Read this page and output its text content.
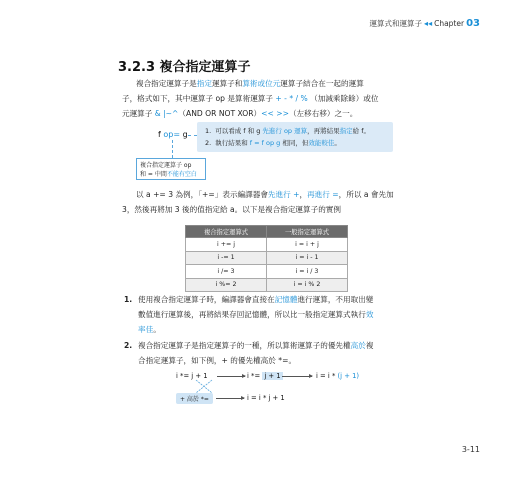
運算式和運算子 ◂◂ Chapter 03
3.2.3 複合指定運算子
複合指定運算子是指定運算子和算術或位元運算子結合在一起的運算
子，格式如下，其中運算子 op 是算術運算子 + - * / % （加減乘除餘）或位
元運算子 & |~^（AND OR NOT XOR）<< >>（左移右移）之一。
f op= g	1. 可以看成 f 和 g 先進行 op 運算，再將結果指定給 f。
2. 執行結果和 f = f op g 相同，但效能較佳。
複合指定運算子 op
和 = 中間不能有空白
以 a += 3 為例，「+=」表示編譯器會先進行 +，再進行 =，所以 a 會先加
3，然後再將加 3 後的值指定給 a。以下是複合指定運算子的實例
複合指定運算式	一般指定運算式
i += j	i = i + j
i -= 1	i = i - 1
i /= 3	i = i / 3
i %= 2	i = i % 2
1. 使用複合指定運算子時，編譯器會直接在記憶體進行運算，不用取出變
數值進行運算後，再將結果存回記憶體，所以比一般指定運算式執行效
率佳。
2. 複合指定運算子是指定運算子的一種，所以算術運算子的優先權高於複
合指定運算子，如下例，+ 的優先權高於 *=。
i *= j + 1	i *= j + 1	i = i * (j + 1)
+ 高於 *=	i = i * j + 1
3-11
